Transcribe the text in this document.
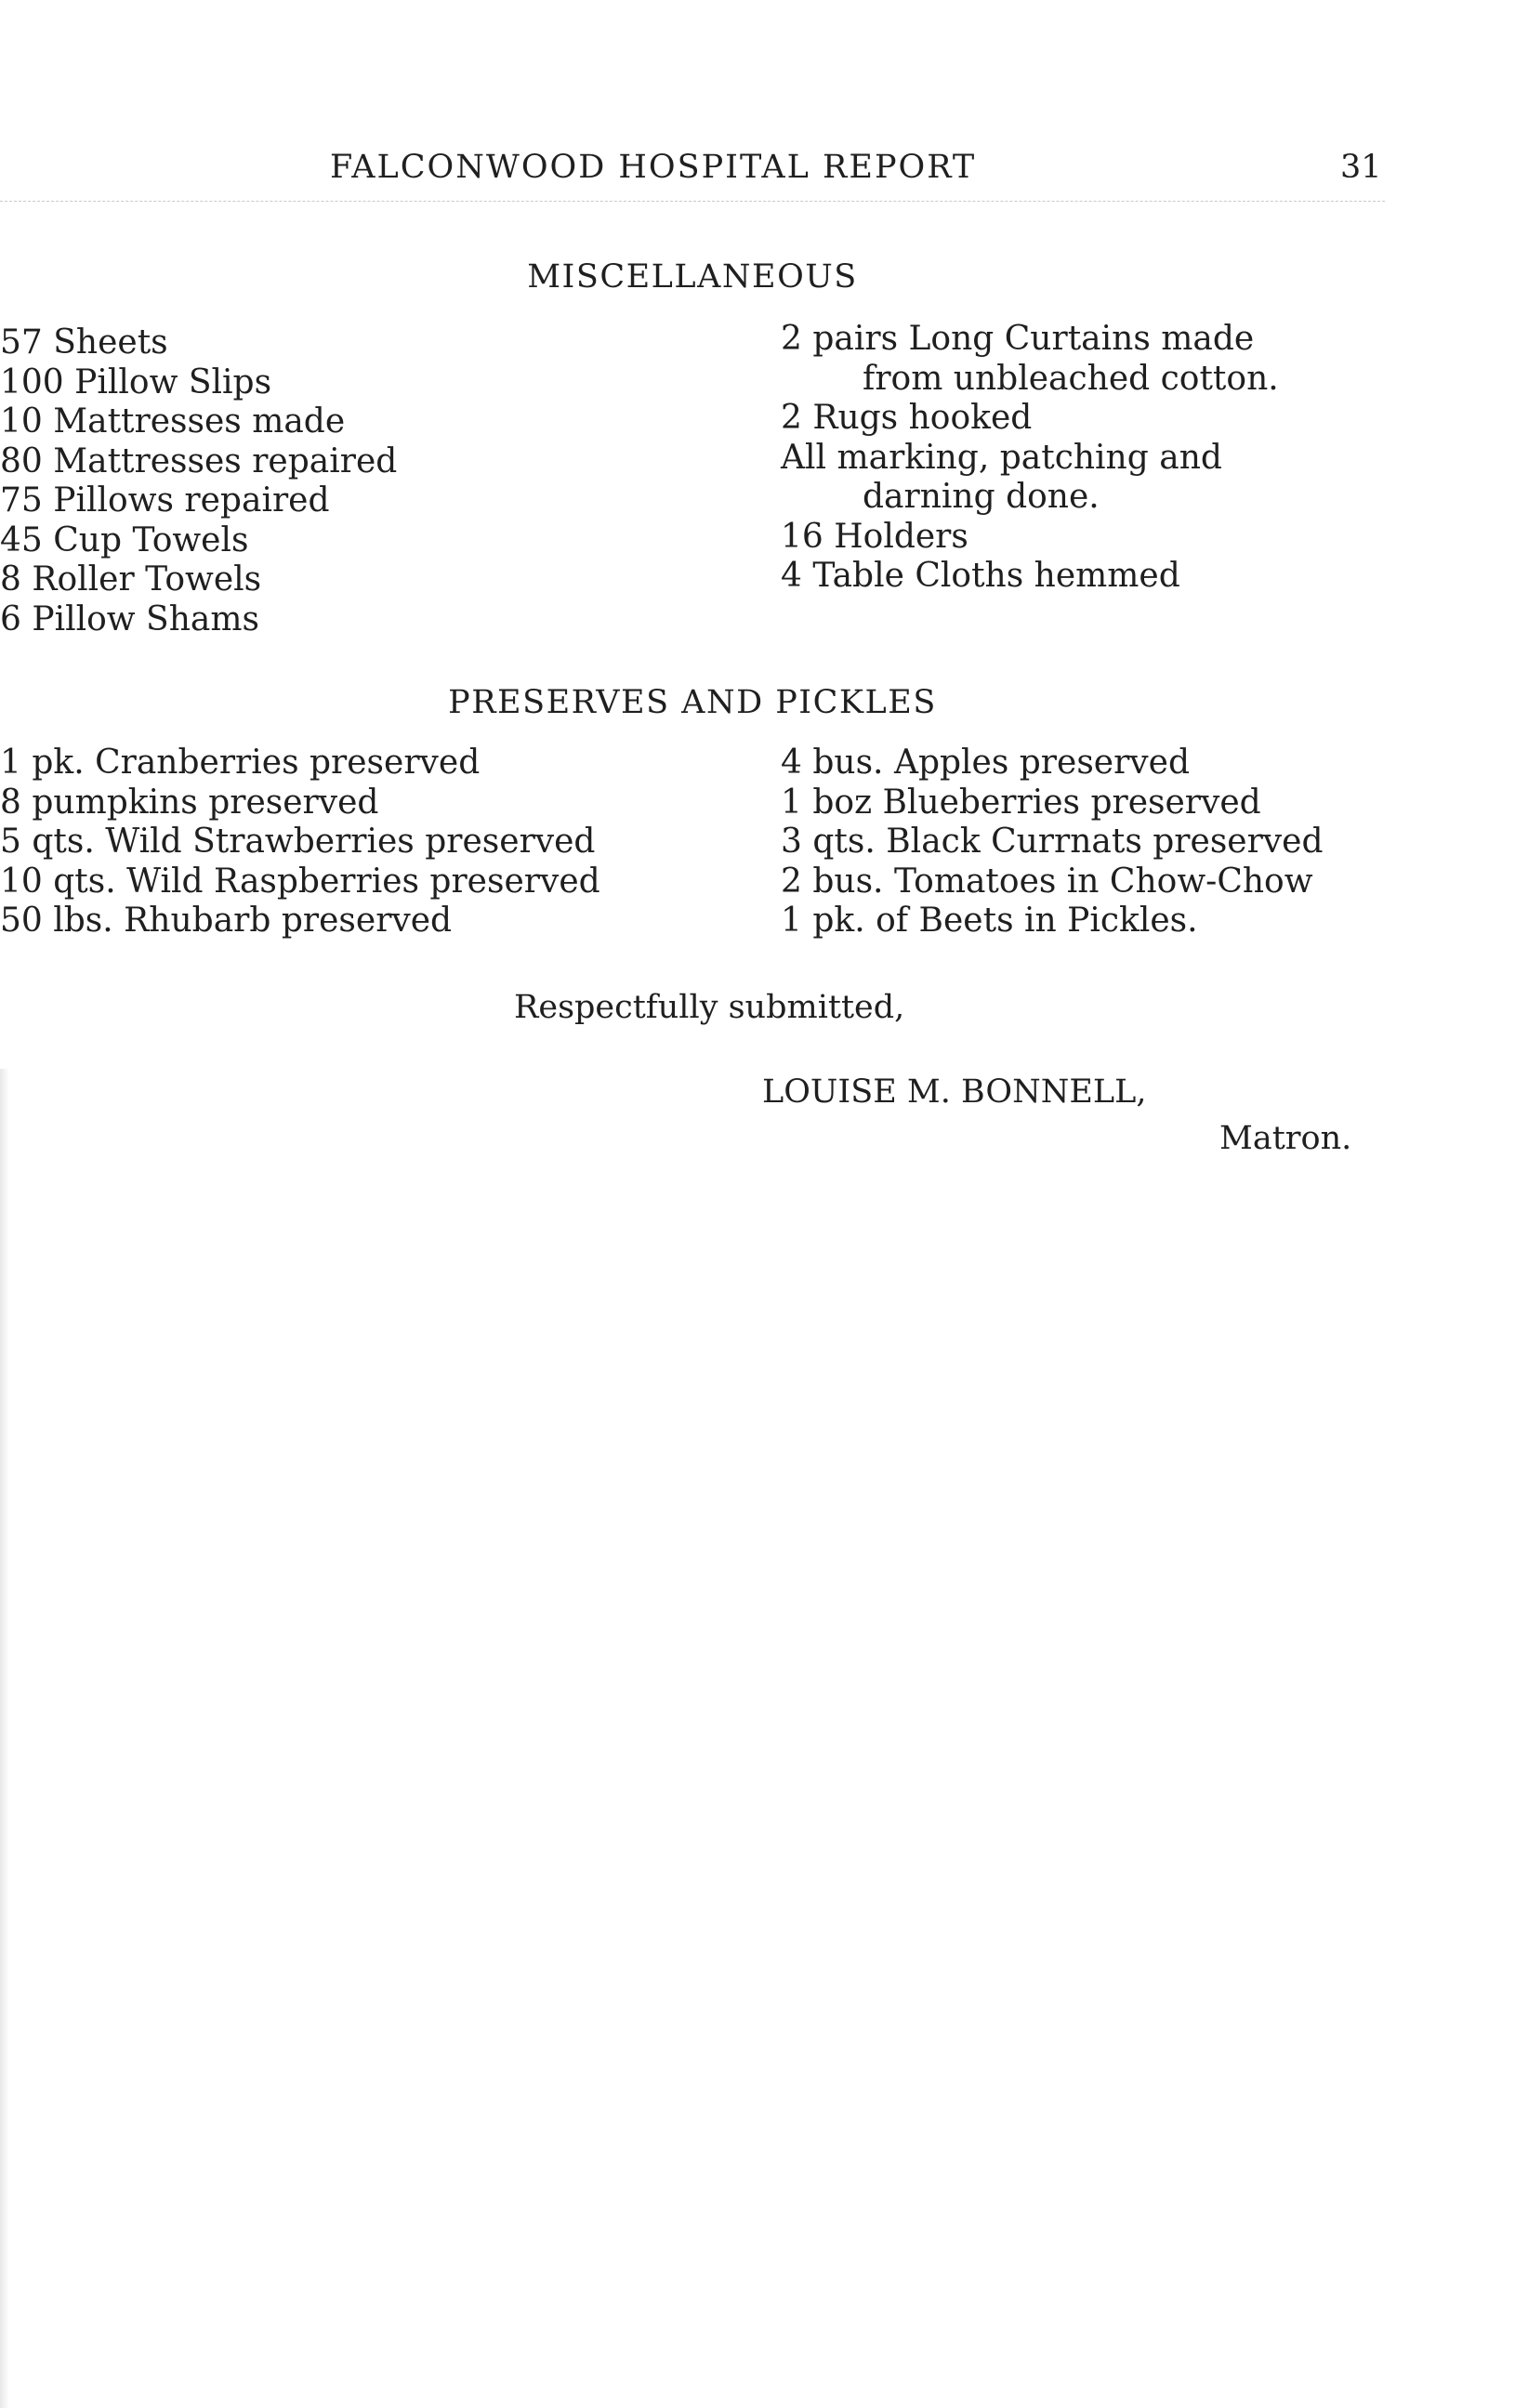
FALCONWOOD HOSPITAL REPORT	31
MISCELLANEOUS
57 Sheets
100 Pillow Slips
10 Mattresses made
80 Mattresses repaired
75 Pillows repaired
45 Cup Towels
8 Roller Towels
6 Pillow Shams
2 pairs Long Curtains made
from unbleached cotton.
2 Rugs hooked
All marking, patching and
darning done.
16 Holders
4 Table Cloths hemmed
PRESERVES AND PICKLES
1 pk. Cranberries preserved
8 pumpkins preserved
5 qts. Wild Strawberries preserved
10 qts. Wild Raspberries preserved
50 lbs. Rhubarb preserved
4 bus. Apples preserved
1 boz Blueberries preserved
3 qts. Black Currnats preserved
2 bus. Tomatoes in Chow-Chow
1 pk. of Beets in Pickles.
Respectfully submitted,
LOUISE M. BONNELL,
Matron.
